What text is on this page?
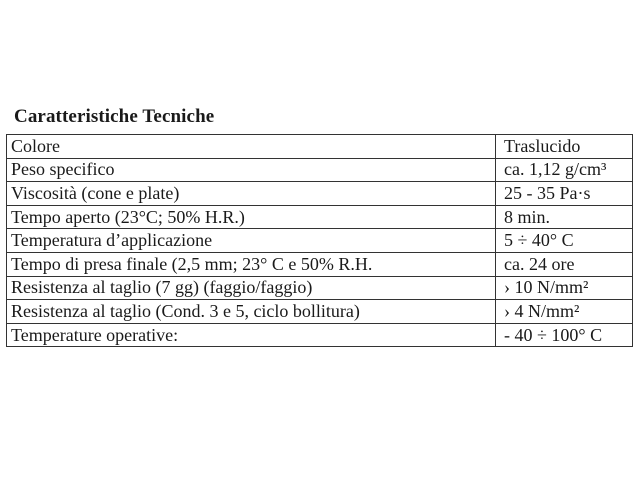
Caratteristiche Tecniche
Colore	Traslucido
Peso specifico	ca. 1,12 g/cm³
Viscosità (cone e plate)	25 - 35 Pa·s
Tempo aperto (23°C; 50% H.R.)	8 min.
Temperatura d’applicazione	5 ÷ 40° C
Tempo di presa finale (2,5 mm; 23° C e 50% R.H.	ca. 24 ore
Resistenza al taglio (7 gg) (faggio/faggio)	› 10 N/mm²
Resistenza al taglio (Cond. 3 e 5, ciclo bollitura)	› 4 N/mm²
Temperature operative:	- 40 ÷ 100° C
